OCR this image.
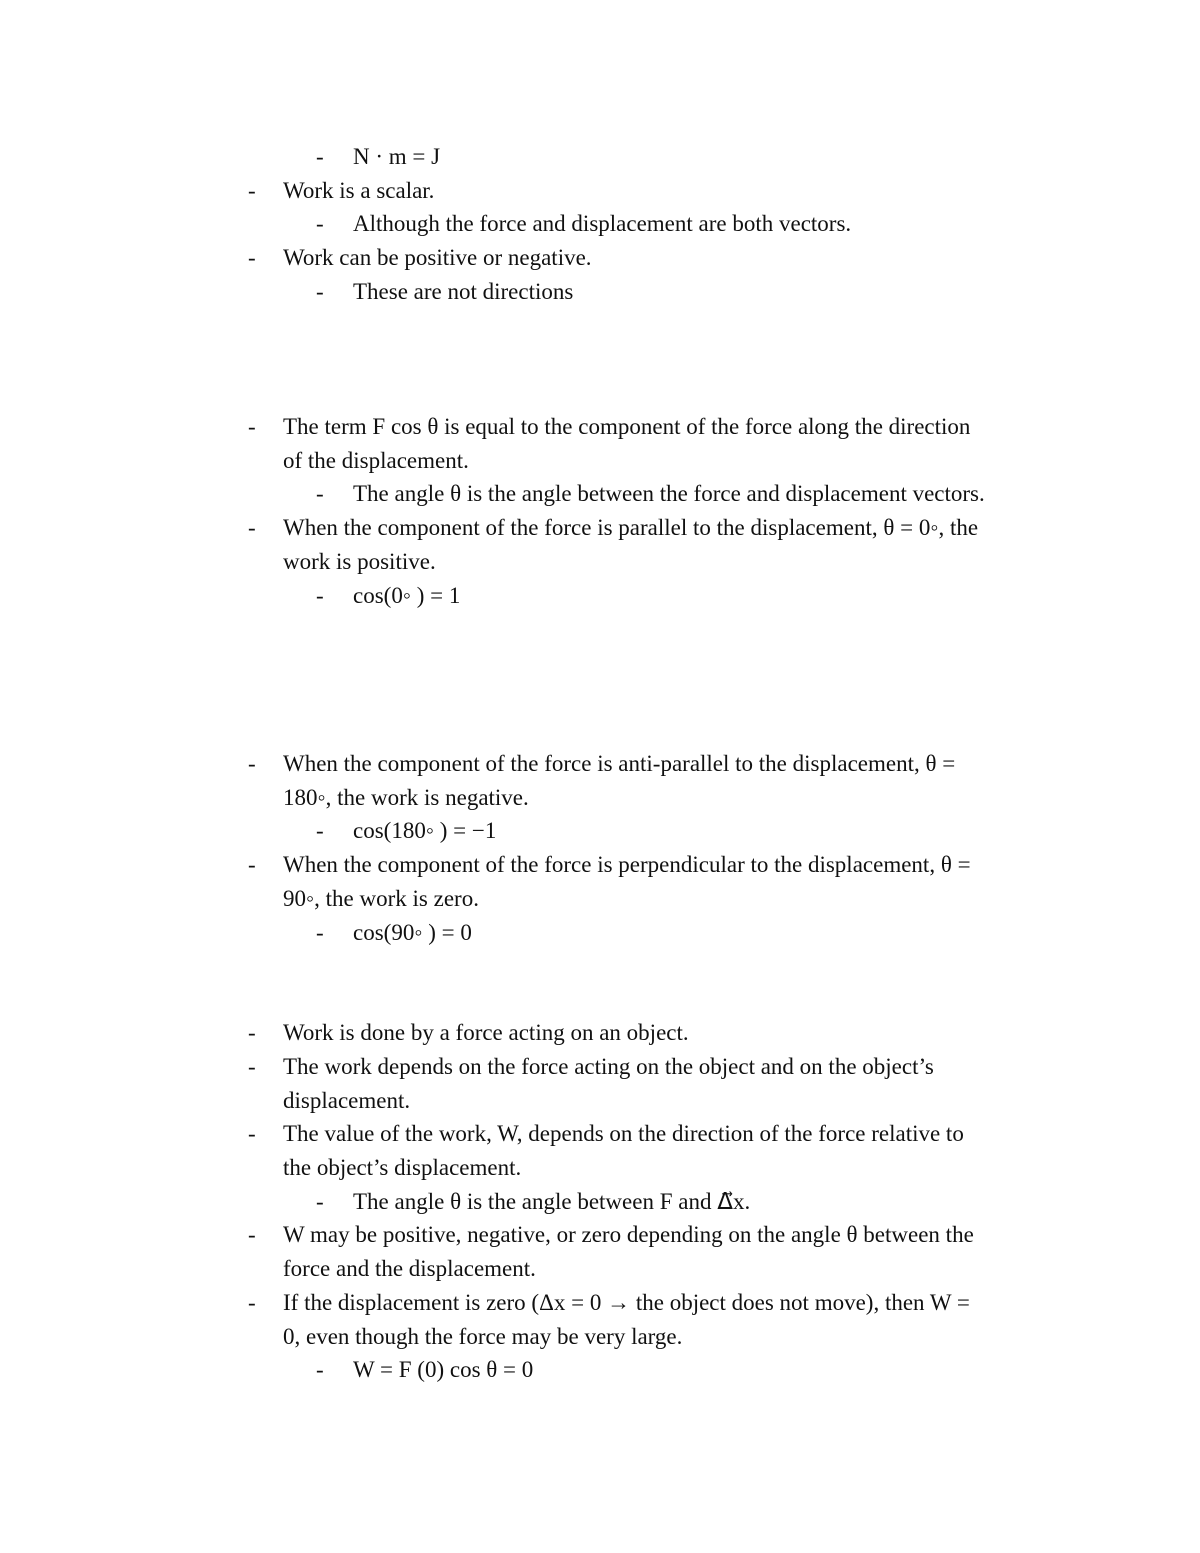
- N · m = J
- Work is a scalar.
- Although the force and displacement are both vectors.
- Work can be positive or negative.
- These are not directions
- The term F cos θ is equal to the component of the force along the direction
of the displacement.
- The angle θ is the angle between the force and displacement vectors.
- When the component of the force is parallel to the displacement, θ = 0◦, the
work is positive.
- cos(0◦ ) = 1
- When the component of the force is anti-parallel to the displacement, θ =
180◦, the work is negative.
- cos(180◦ ) = −1
- When the component of the force is perpendicular to the displacement, θ =
90◦, the work is zero.
- cos(90◦ ) = 0
- Work is done by a force acting on an object.
- The work depends on the force acting on the object and on the object’s
displacement.
- The value of the work, W, depends on the direction of the force relative to
the object’s displacement.
- The angle θ is the angle between F and Δ⃗x.
- W may be positive, negative, or zero depending on the angle θ between the
force and the displacement.
- If the displacement is zero (Δx = 0 → the object does not move), then W =
0, even though the force may be very large.
- W = F (0) cos θ = 0
